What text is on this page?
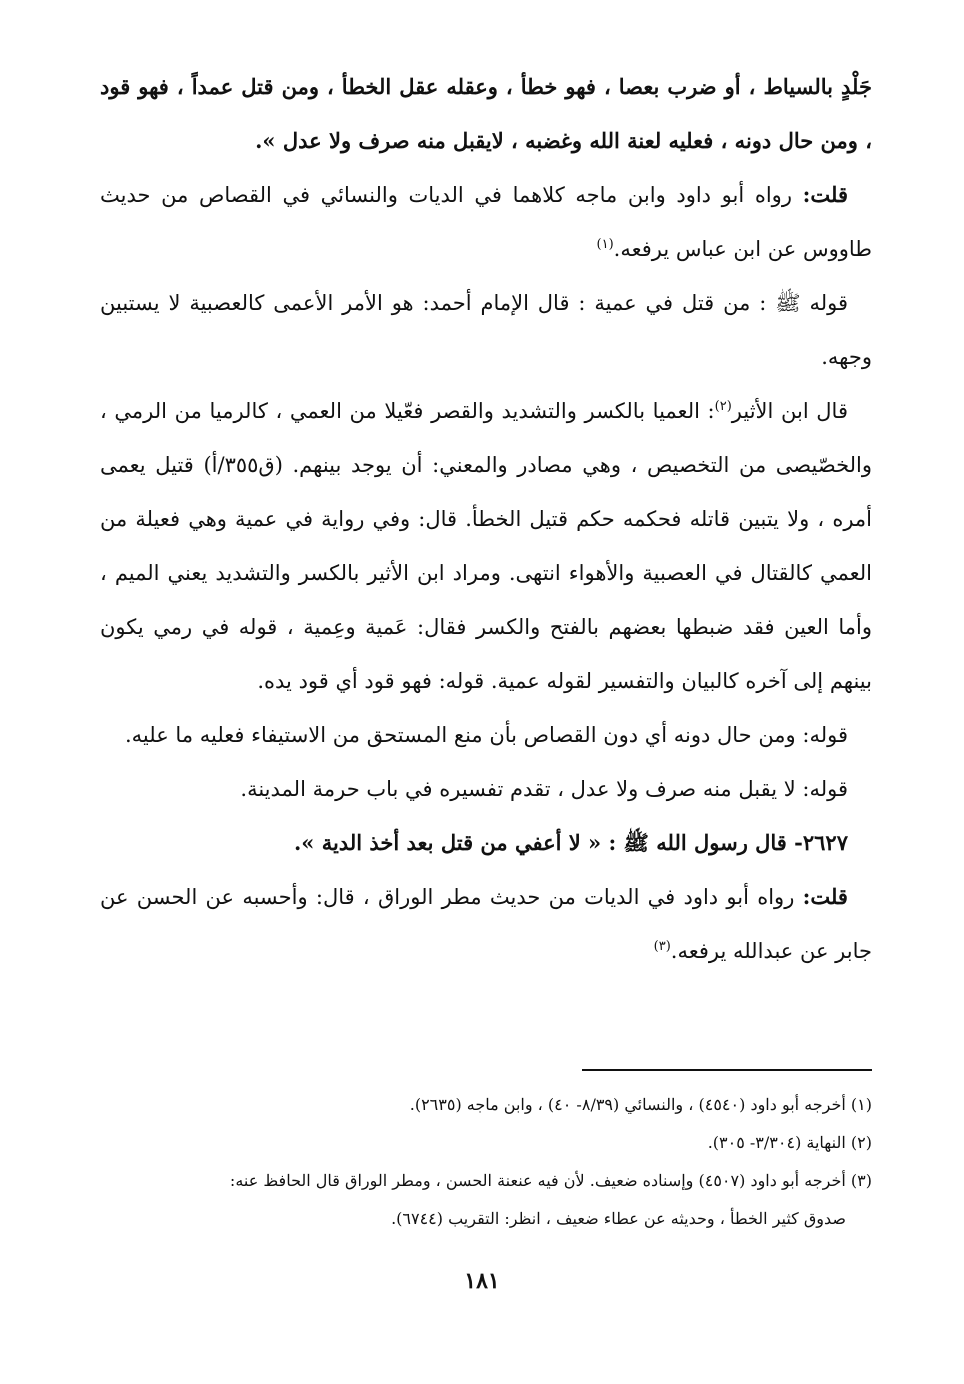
جَلْدٍ بالسياط ، أو ضرب بعصا ، فهو خطأ ، وعقله عقل الخطأ ، ومن قتل عمداً ، فهو قود ، ومن حال دونه ، فعليه لعنة الله وغضبه ، لايقبل منه صرف ولا عدل ».

قلت: رواه أبو داود وابن ماجه كلاهما في الديات والنسائي في القصاص من حديث طاووس عن ابن عباس يرفعه.$^{(١)}$

قوله ﷺ : من قتل في عمية : قال الإمام أحمد: هو الأمر الأعمى كالعصبية لا يستبين وجهه.

قال ابن الأثير$^{(٢)}$: العميا بالكسر والتشديد والقصر فعّيلا من العمي ، كالرميا من الرمي ، والخصّيصى من التخصيص ، وهي مصادر والمعني: أن يوجد بينهم. (ق٣٥٥/أ) قتيل يعمى أمره ، ولا يتبين قاتله فحكمه حكم قتيل الخطأ. قال: وفي رواية في عمية وهي فعيلة من العمي كالقتال في العصبية والأهواء انتهى. ومراد ابن الأثير بالكسر والتشديد يعني الميم ، وأما العين فقد ضبطها بعضهم بالفتح والكسر فقال: عَمية وعِمية ، قوله في رمي يكون بينهم إلى آخره كالبيان والتفسير لقوله عمية. قوله: فهو قود أي قود يده.

قوله: ومن حال دونه أي دون القصاص بأن منع المستحق من الاستيفاء فعليه ما عليه.

قوله: لا يقبل منه صرف ولا عدل ، تقدم تفسيره في باب حرمة المدينة.

٢٦٢٧- قال رسول الله ﷺ : « لا أعفي من قتل بعد أخذ الدية ».

قلت: رواه أبو داود في الديات من حديث مطر الوراق ، قال: وأحسبه عن الحسن عن جابر عن عبدالله يرفعه.$^{(٣)}$

(١) أخرجه أبو داود (٤٥٤٠) ، والنسائي (٨/٣٩- ٤٠) ، وابن ماجه (٢٦٣٥).

(٢) النهاية (٣/٣٠٤- ٣٠٥).

(٣) أخرجه أبو داود (٤٥٠٧) وإسناده ضعيف. لأن فيه عنعنة الحسن ، ومطر الوراق قال الحافظ عنه:

صدوق كثير الخطأ ، وحديثه عن عطاء ضعيف ، انظر: التقريب (٦٧٤٤).

١٨١
